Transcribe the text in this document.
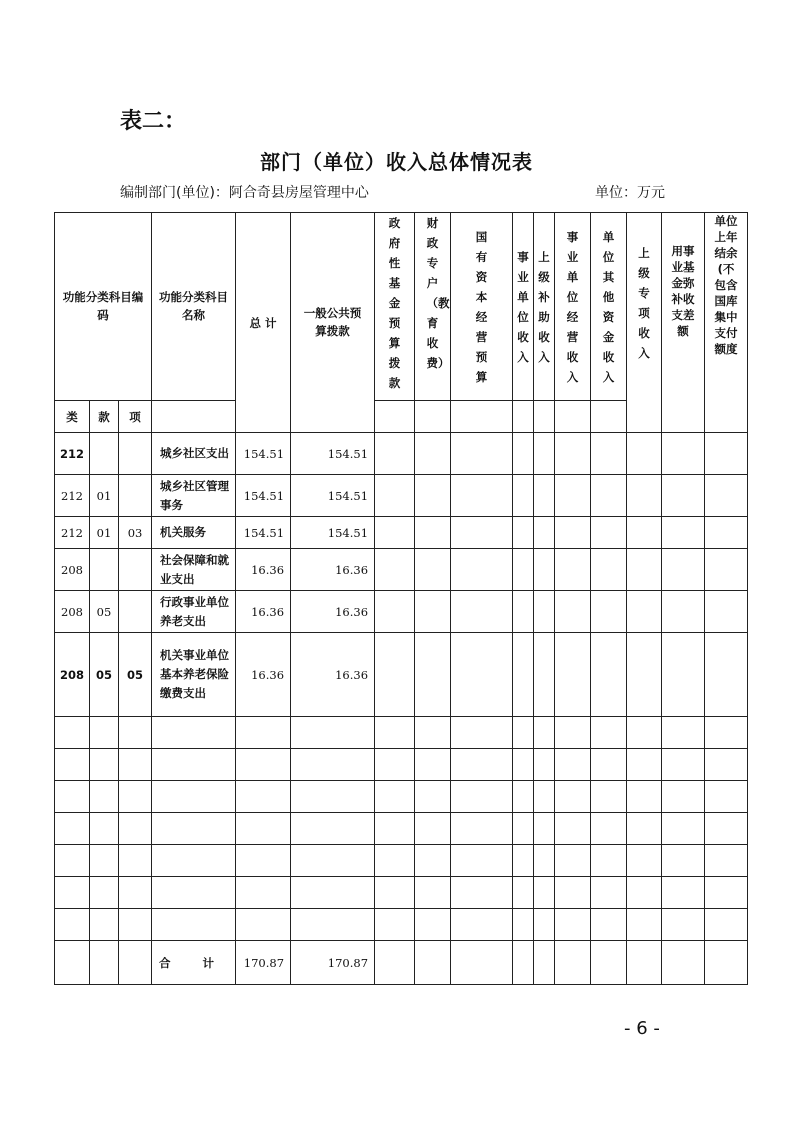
表二：
部门（单位）收入总体情况表
编制部门(单位)：阿合奇县房屋管理中心	单位：万元
功能分类科目编码			功能分类科目名称	总 计	一般公共预算拨款	政府性基金预算拨款	财政专户（教育收费）	国有资本经营预算	事业单位收入	上级补助收入	事业单位经营收入	单位其他资金收入	上级专项收入	用事业基金弥补收支差额	单位上年结余(不包含国库集中支付额度	
类	款	项														
212			城乡社区支出	154.51	154.51											
212	01		城乡社区管理事务	154.51	154.51											
212	01	03	机关服务	154.51	154.51											
208			社会保障和就业支出	16.36	16.36											
208	05		行政事业单位养老支出	16.36	16.36											
208	05	05	机关事业单位基本养老保险缴费支出	16.36	16.36											

			合 计	170.87	170.87											
- 6 -
